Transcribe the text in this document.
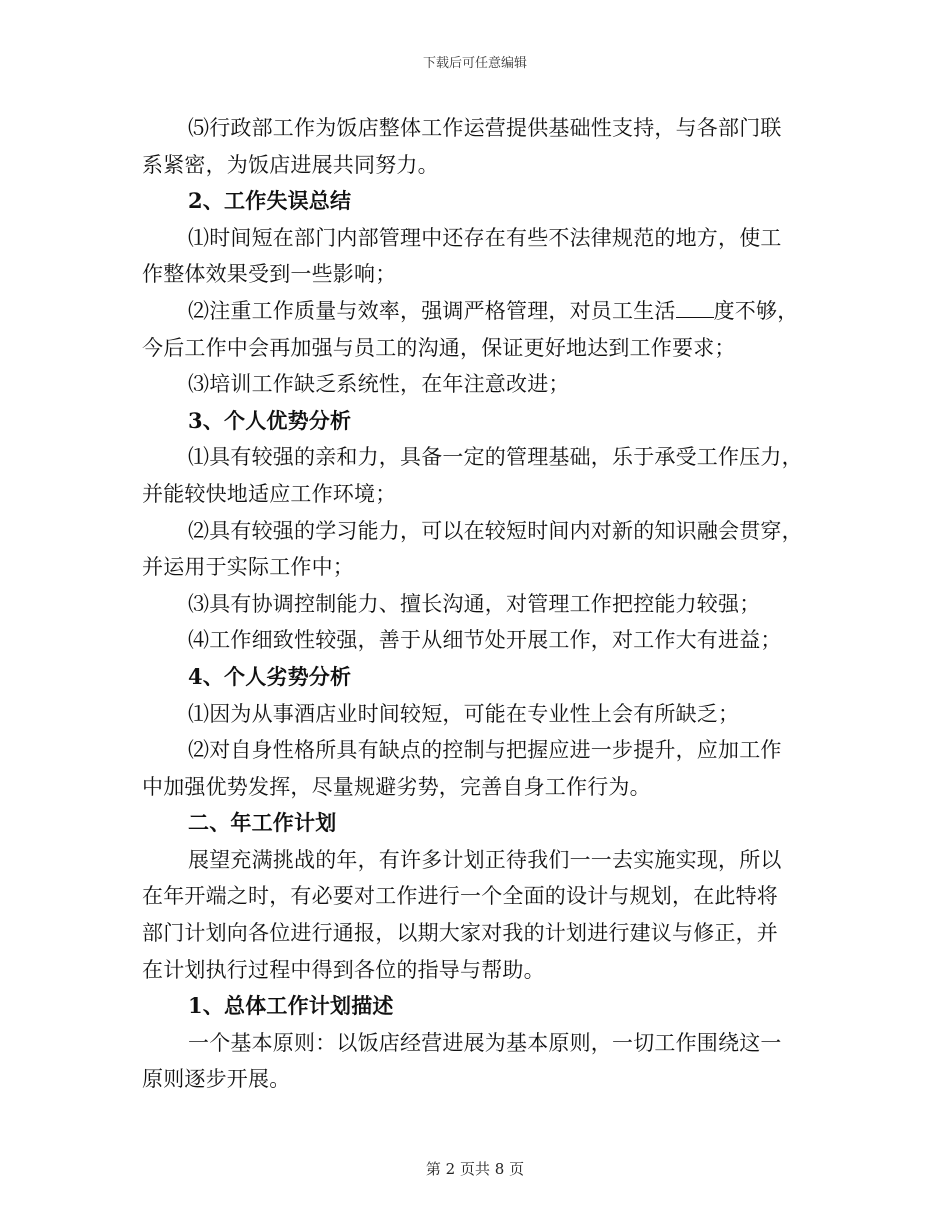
下载后可任意编辑
⑸行政部工作为饭店整体工作运营提供基础性支持，与各部门联
系紧密，为饭店进展共同努力。
2、工作失误总结
⑴时间短在部门内部管理中还存在有些不法律规范的地方，使工
作整体效果受到一些影响；
⑵注重工作质量与效率，强调严格管理，对员工生活 度不够，
今后工作中会再加强与员工的沟通，保证更好地达到工作要求；
⑶培训工作缺乏系统性，在年注意改进；
3、个人优势分析
⑴具有较强的亲和力，具备一定的管理基础，乐于承受工作压力，
并能较快地适应工作环境；
⑵具有较强的学习能力，可以在较短时间内对新的知识融会贯穿，
并运用于实际工作中；
⑶具有协调控制能力、擅长沟通，对管理工作把控能力较强；
⑷工作细致性较强，善于从细节处开展工作，对工作大有进益；
4、个人劣势分析
⑴因为从事酒店业时间较短，可能在专业性上会有所缺乏；
⑵对自身性格所具有缺点的控制与把握应进一步提升，应加工作
中加强优势发挥，尽量规避劣势，完善自身工作行为。
二、年工作计划
展望充满挑战的年，有许多计划正待我们一一去实施实现，所以
在年开端之时，有必要对工作进行一个全面的设计与规划，在此特将
部门计划向各位进行通报，以期大家对我的计划进行建议与修正，并
在计划执行过程中得到各位的指导与帮助。
1、总体工作计划描述
一个基本原则：以饭店经营进展为基本原则，一切工作围绕这一
原则逐步开展。
第 2 页共 8 页
